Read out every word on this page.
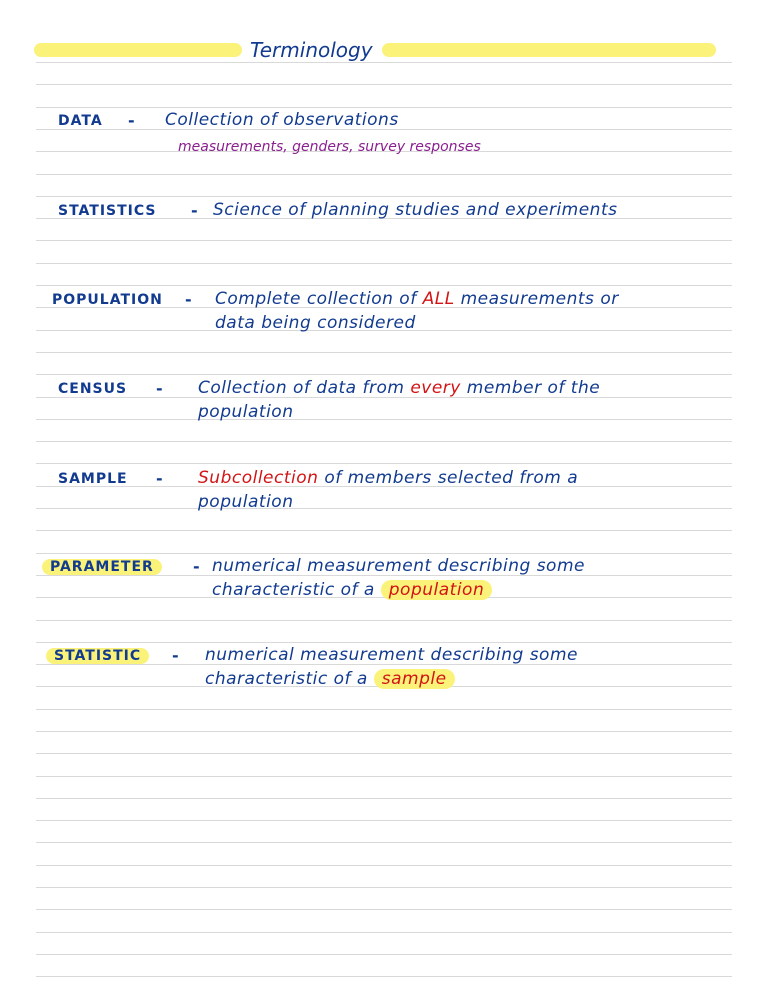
Terminology
DATA - Collection of observations
measurements, genders, survey responses
STATISTICS - Science of planning studies and experiments
POPULATION - Complete collection of ALL measurements or
data being considered
CENSUS - Collection of data from every member of the
population
SAMPLE - Subcollection of members selected from a
population
PARAMETER	- numerical measurement describing some
characteristic of a population
STATISTIC	- numerical measurement describing some
characteristic of a sample
